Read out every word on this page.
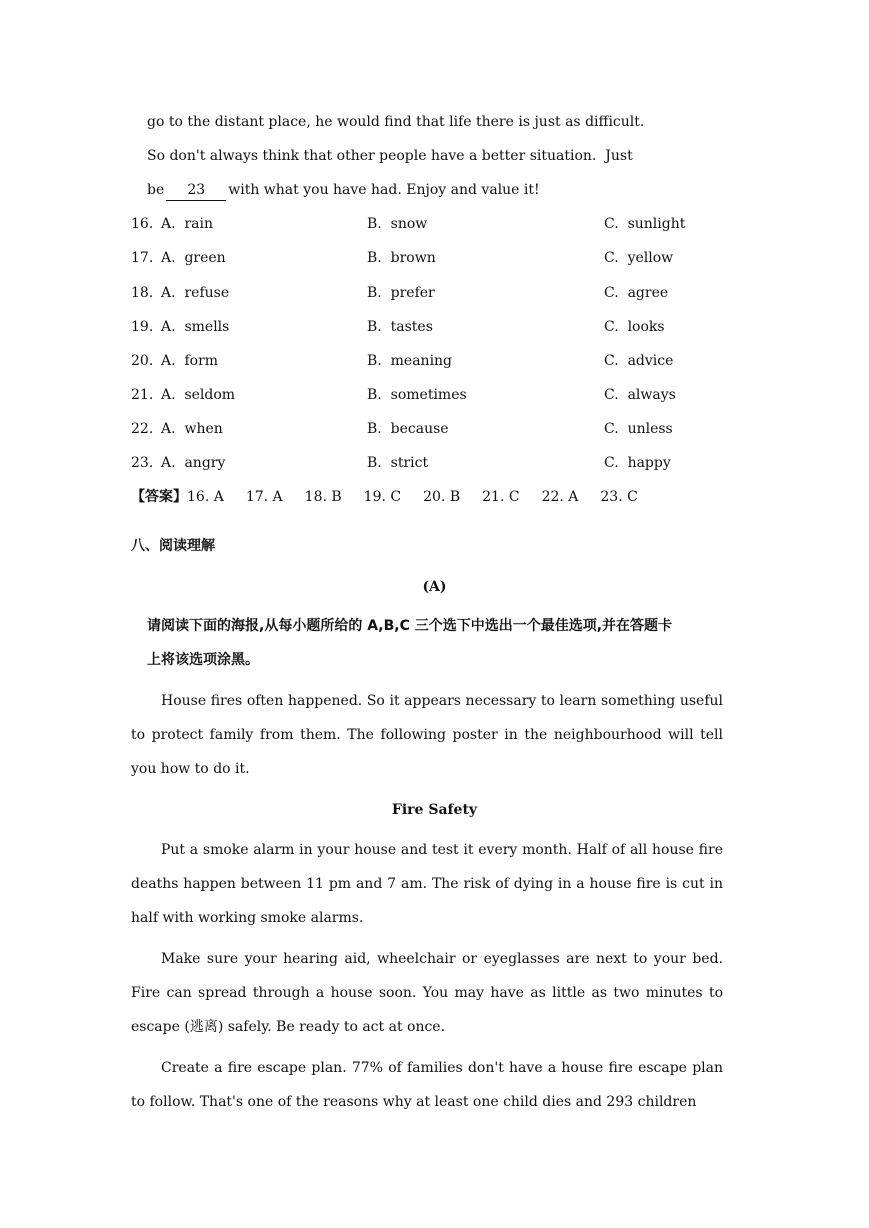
go to the distant place, he would find that life there is just as difficult.
So don't always think that other people have a better situation.  Just
be 23 with what you have had. Enjoy and value it!
16. A.  rain	B.  snow	C.  sunlight
17. A.  green	B.  brown	C.  yellow
18. A.  refuse	B.  prefer	C.  agree
19. A.  smells	B.  tastes	C.  looks
20. A.  form	B.  meaning	C.  advice
21. A.  seldom	B.  sometimes	C.  always
22. A.  when	B.  because	C.  unless
23. A.  angry	B.  strict	C.  happy
【答案】16. A 17. A 18. B 19. C 20. B 21. C 22. A 23. C
八、阅读理解
(A)
请阅读下面的海报,从每小题所给的 A,B,C 三个选下中选出一个最佳选项,并在答题卡
上将该选项涂黑。
House fires often happened. So it appears necessary to learn something useful to protect family from them. The following poster in the neighbourhood will tell you how to do it.
Fire Safety
Put a smoke alarm in your house and test it every month. Half of all house fire deaths happen between 11 pm and 7 am. The risk of dying in a house fire is cut in half with working smoke alarms.
Make sure your hearing aid, wheelchair or eyeglasses are next to your bed. Fire can spread through a house soon. You may have as little as two minutes to escape (逃离) safely. Be ready to act at once.
Create a fire escape plan. 77% of families don't have a house fire escape plan to follow. That's one of the reasons why at least one child dies and 293 children
